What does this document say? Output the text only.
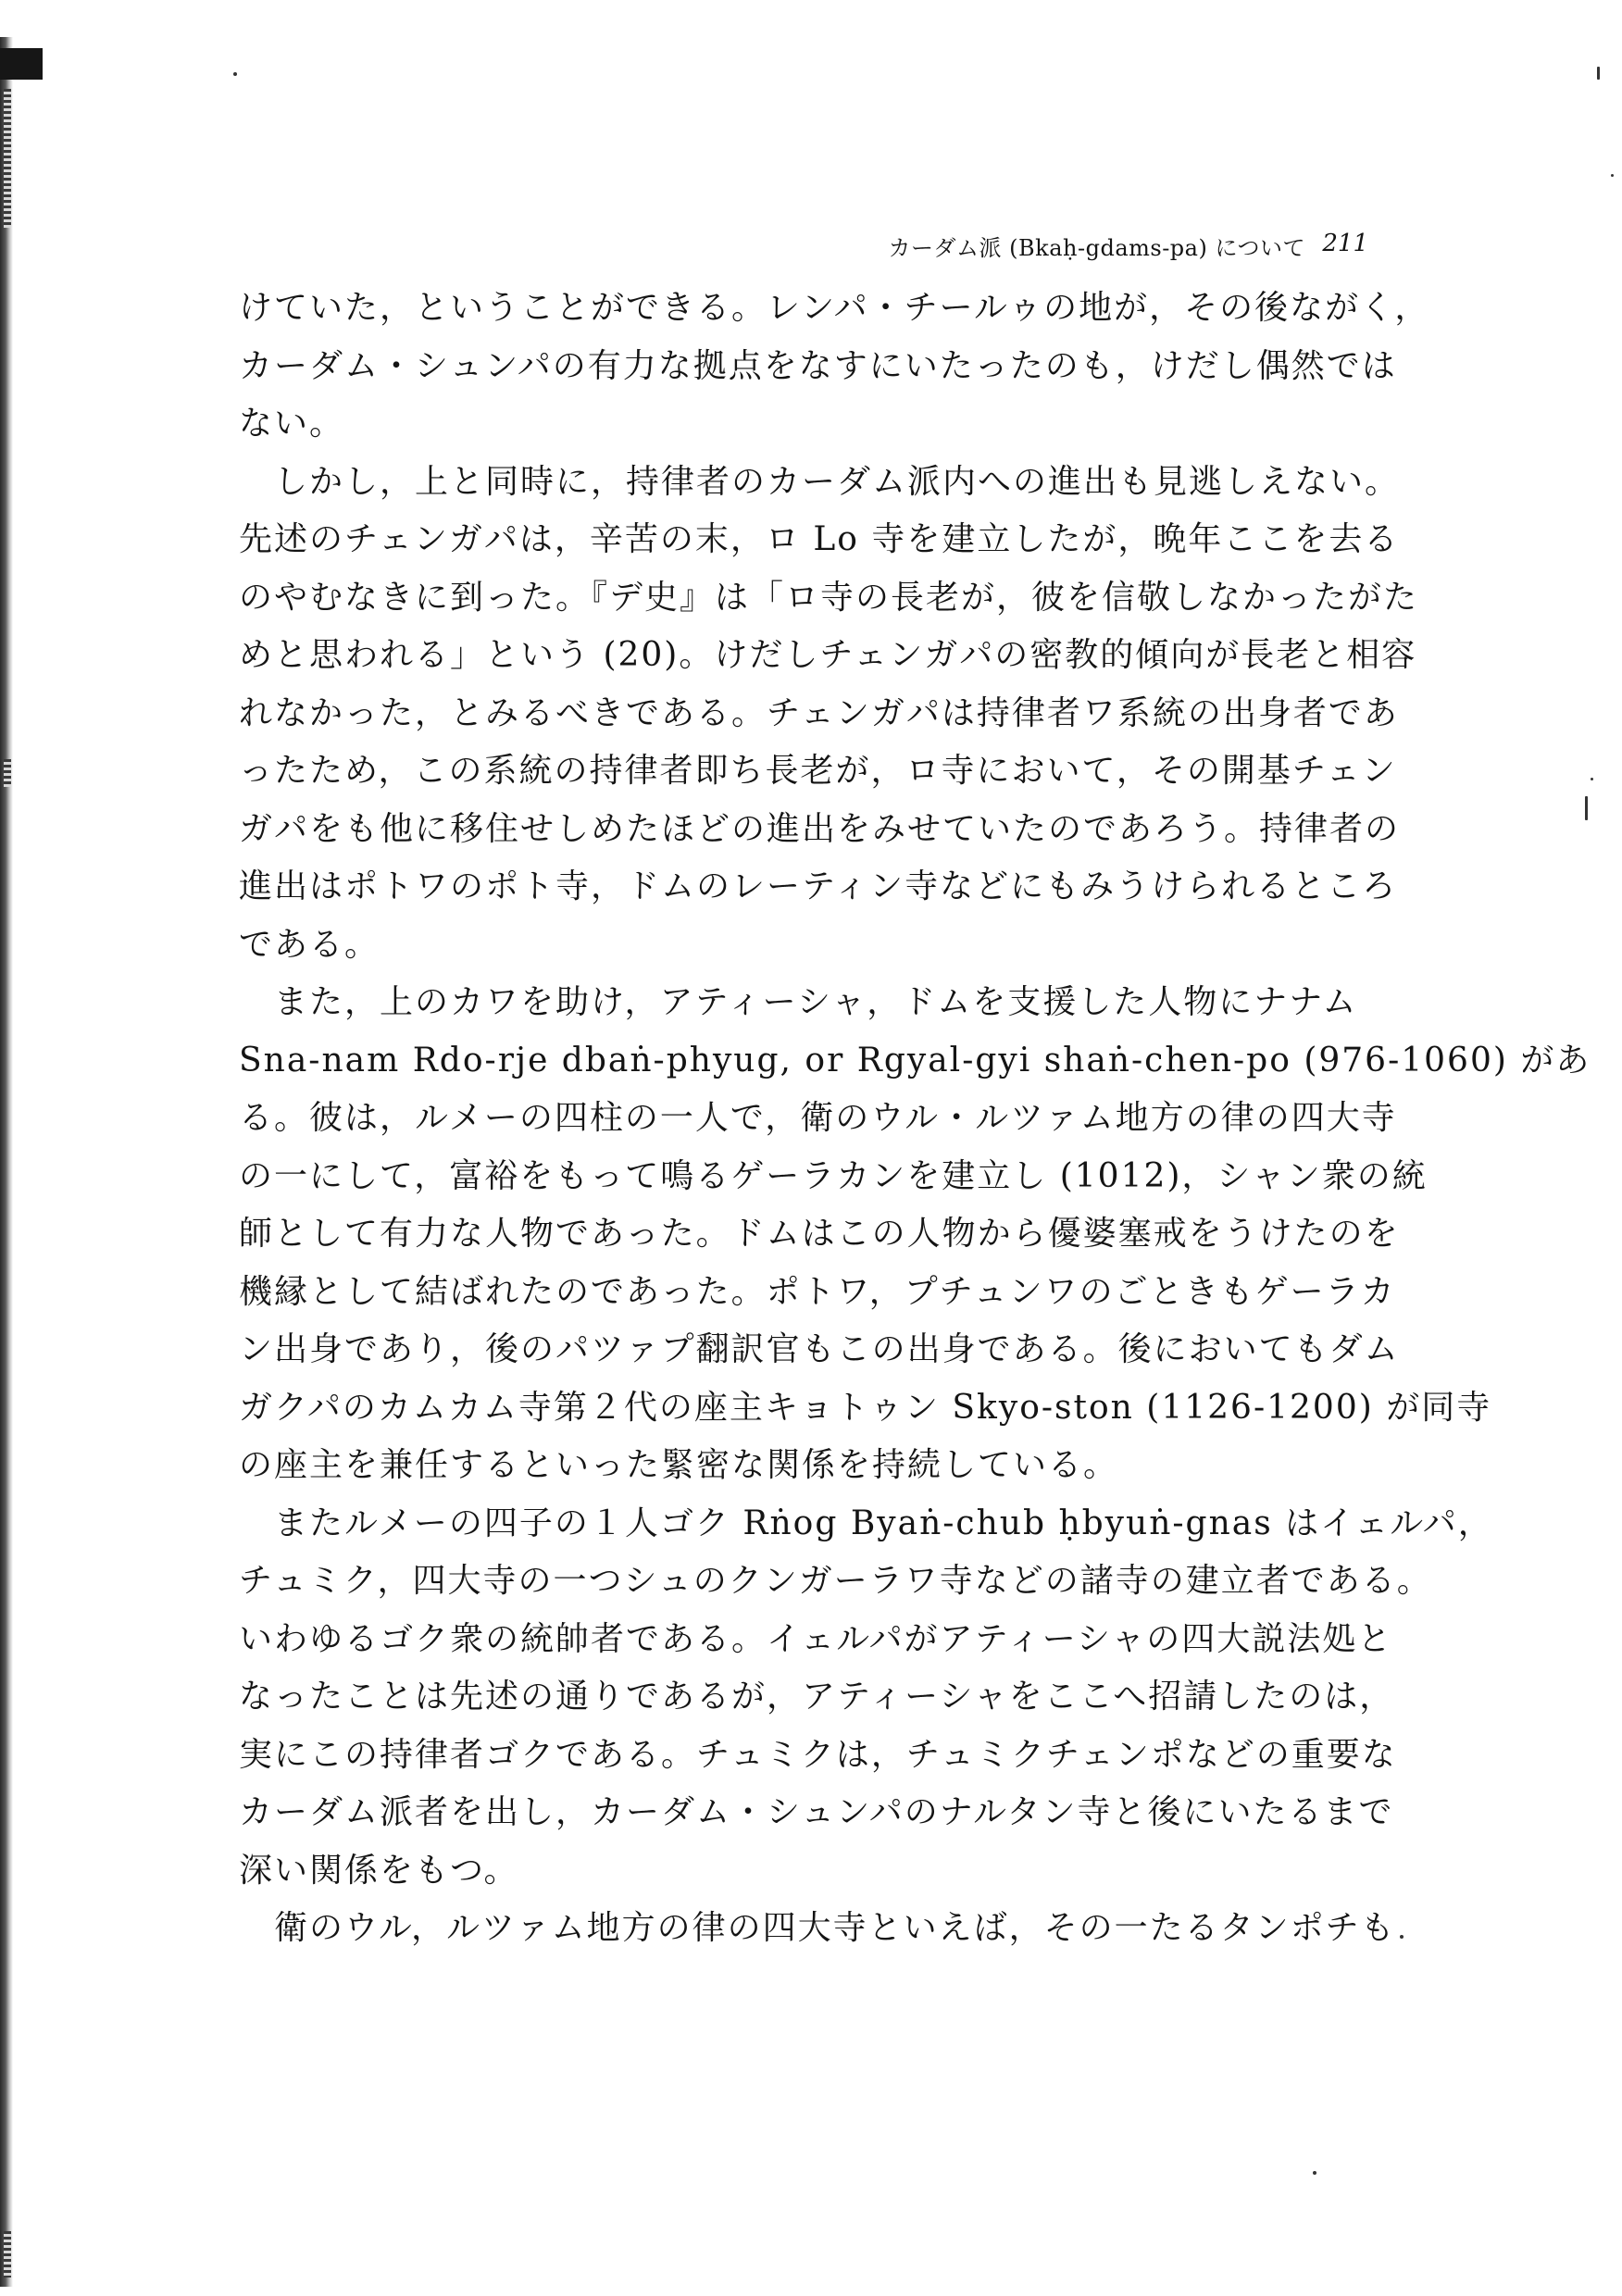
カーダム派 (Bkaḥ-gdams-pa) について 211
けていた，ということができる。レンパ・チールゥの地が，その後ながく，
カーダム・シュンパの有力な拠点をなすにいたったのも，けだし偶然では
ない。
　しかし，上と同時に，持律者のカーダム派内への進出も見逃しえない。
先述のチェンガパは，辛苦の末，ロ Lo 寺を建立したが，晩年ここを去る
のやむなきに到った。『デ史』は「ロ寺の長老が，彼を信敬しなかったがた
めと思われる」という (20)。けだしチェンガパの密教的傾向が長老と相容
れなかった，とみるべきである。チェンガパは持律者ワ系統の出身者であ
ったため，この系統の持律者即ち長老が，ロ寺において，その開基チェン
ガパをも他に移住せしめたほどの進出をみせていたのであろう。持律者の
進出はポトワのポト寺，ドムのレーティン寺などにもみうけられるところ
である。
　また，上のカワを助け，アティーシャ，ドムを支援した人物にナナム
Sna-nam Rdo-rje dbaṅ-phyug, or Rgyal-gyi shaṅ-chen-po (976-1060) があ
る。彼は，ルメーの四柱の一人で，衛のウル・ルツァム地方の律の四大寺
の一にして，富裕をもって鳴るゲーラカンを建立し (1012)，シャン衆の統
師として有力な人物であった。ドムはこの人物から優婆塞戒をうけたのを
機縁として結ばれたのであった。ポトワ，プチュンワのごときもゲーラカ
ン出身であり，後のパツァプ翻訳官もこの出身である。後においてもダム
ガクパのカムカム寺第２代の座主キョトゥン Skyo-ston (1126-1200) が同寺
の座主を兼任するといった緊密な関係を持続している。
　またルメーの四子の１人ゴク Rṅog Byaṅ-chub ḥbyuṅ-gnas はイェルパ，
チュミク，四大寺の一つシュのクンガーラワ寺などの諸寺の建立者である。
いわゆるゴク衆の統帥者である。イェルパがアティーシャの四大説法処と
なったことは先述の通りであるが，アティーシャをここへ招請したのは，
実にこの持律者ゴクである。チュミクは，チュミクチェンポなどの重要な
カーダム派者を出し，カーダム・シュンパのナルタン寺と後にいたるまで
深い関係をもつ。
　衛のウル，ルツァム地方の律の四大寺といえば，その一たるタンポチも
